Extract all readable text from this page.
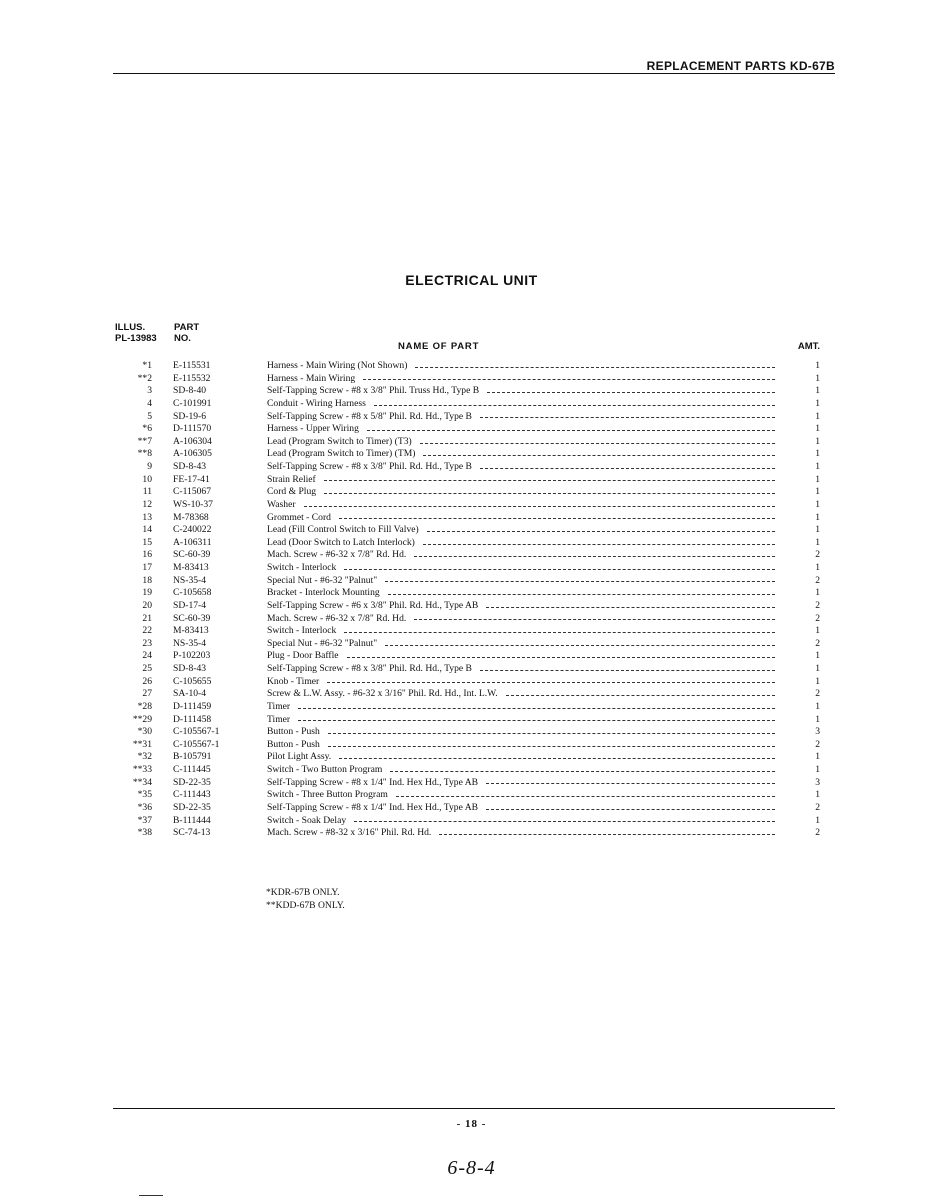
REPLACEMENT PARTS KD-67B
ELECTRICAL UNIT
ILLUS.
PL-13983
PART
NO.
NAME OF PART	AMT.
*1 E-115531	Harness - Main Wiring (Not Shown)	1
**2 E-115532	Harness - Main Wiring	1
3 SD-8-40	Self-Tapping Screw - #8 x 3/8" Phil. Truss Hd., Type B	1
4 C-101991	Conduit - Wiring Harness	1
5 SD-19-6	Self-Tapping Screw - #8 x 5/8" Phil. Rd. Hd., Type B	1
*6 D-111570	Harness - Upper Wiring	1
**7 A-106304	Lead (Program Switch to Timer) (T3)	1
**8 A-106305	Lead (Program Switch to Timer) (TM)	1
9 SD-8-43	Self-Tapping Screw - #8 x 3/8" Phil. Rd. Hd., Type B	1
10 FE-17-41	Strain Relief	1
11 C-115067	Cord & Plug	1
12 WS-10-37	Washer	1
13 M-78368	Grommet - Cord	1
14 C-240022	Lead (Fill Control Switch to Fill Valve)	1
15 A-106311	Lead (Door Switch to Latch Interlock)	1
16 SC-60-39	Mach. Screw - #6-32 x 7/8" Rd. Hd.	2
17 M-83413	Switch - Interlock	1
18 NS-35-4	Special Nut - #6-32 "Palnut"	2
19 C-105658	Bracket - Interlock Mounting	1
20 SD-17-4	Self-Tapping Screw - #6 x 3/8" Phil. Rd. Hd., Type AB	2
21 SC-60-39	Mach. Screw - #6-32 x 7/8" Rd. Hd.	2
22 M-83413	Switch - Interlock	1
23 NS-35-4	Special Nut - #6-32 "Palnut"	2
24 P-102203	Plug - Door Baffle	1
25 SD-8-43	Self-Tapping Screw - #8 x 3/8" Phil. Rd. Hd., Type B	1
26 C-105655	Knob - Timer	1
27 SA-10-4	Screw & L.W. Assy. - #6-32 x 3/16" Phil. Rd. Hd., Int. L.W.	2
*28 D-111459	Timer	1
**29 D-111458	Timer	1
*30 C-105567-1	Button - Push	3
**31 C-105567-1	Button - Push	2
*32 B-105791	Pilot Light Assy.	1
**33 C-111445	Switch - Two Button Program	1
**34 SD-22-35	Self-Tapping Screw - #8 x 1/4" Ind. Hex Hd., Type AB	3
*35 C-111443	Switch - Three Button Program	1
*36 SD-22-35	Self-Tapping Screw - #8 x 1/4" Ind. Hex Hd., Type AB	2
*37 B-111444	Switch - Soak Delay	1
*38 SC-74-13	Mach. Screw - #8-32 x 3/16" Phil. Rd. Hd.	2
*KDR-67B ONLY.
**KDD-67B ONLY.
- 18 -
6-8-4
